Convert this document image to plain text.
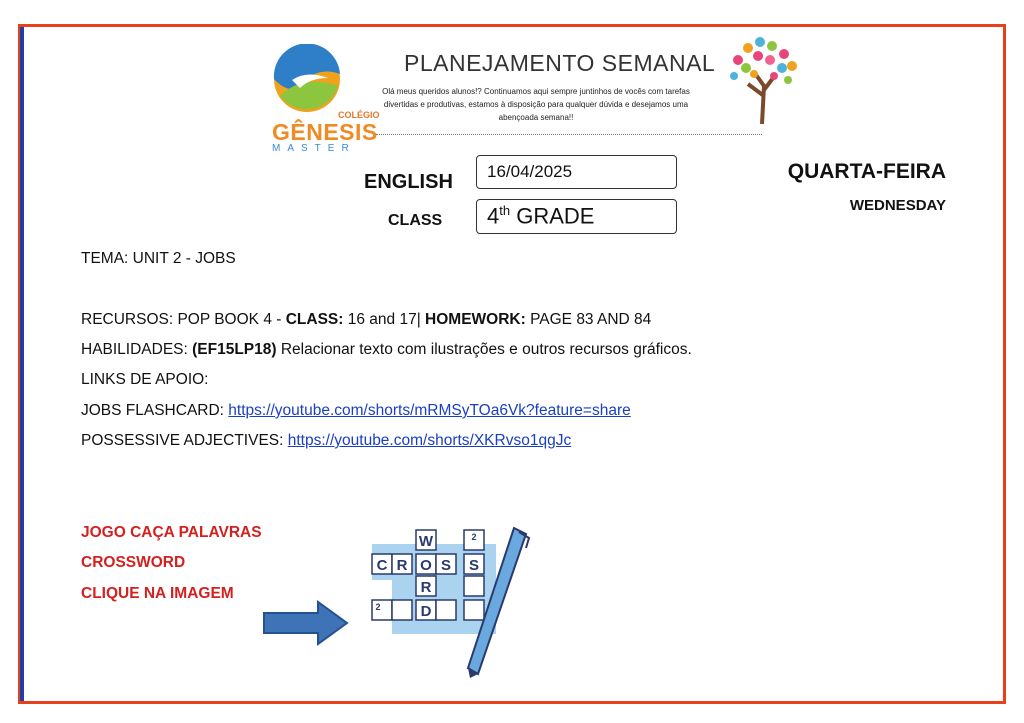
COLÉGIO
GÊNESIS
MASTER
PLANEJAMENTO SEMANAL
Olá meus queridos alunos!? Continuamos aqui sempre juntinhos de vocês com tarefas divertidas e produtivas, estamos à disposição para qualquer dúvida e desejamos uma abençoada semana!!
ENGLISH
CLASS
16/04/2025
4th GRADE
QUARTA-FEIRA
WEDNESDAY
TEMA: UNIT 2 - JOBS
RECURSOS: POP BOOK 4 - CLASS: 16 and 17| HOMEWORK: PAGE 83 AND 84
HABILIDADES: (EF15LP18) Relacionar texto com ilustrações e outros recursos gráficos.
LINKS DE APOIO:
JOBS FLASHCARD: https://youtube.com/shorts/mRMSyTOa6Vk?feature=share
POSSESSIVE ADJECTIVES: https://youtube.com/shorts/XKRvso1qgJc
JOGO CAÇA PALAVRAS
CROSSWORD
CLIQUE NA IMAGEM
W	2
C R O S S
R
2	D
